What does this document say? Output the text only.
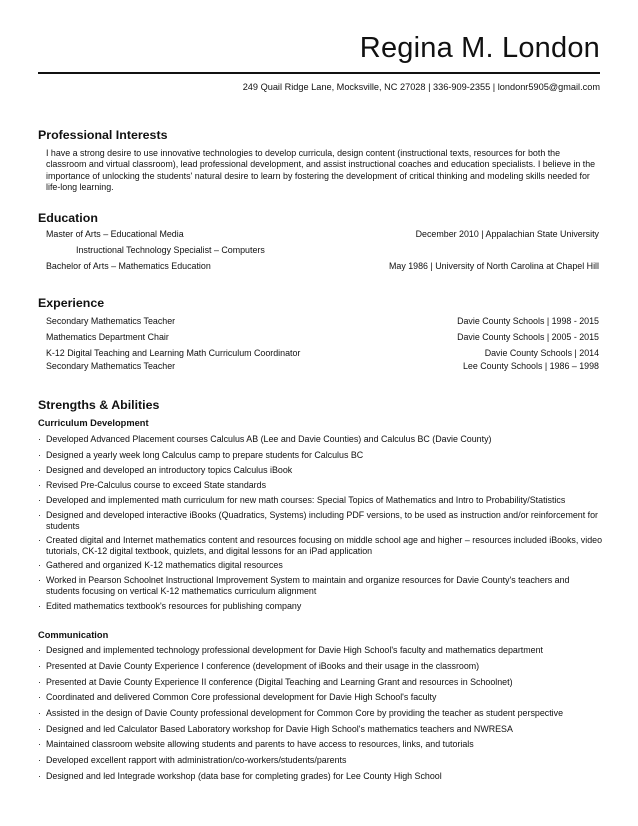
Regina M. London
249 Quail Ridge Lane, Mocksville, NC 27028 | 336-909-2355 | londonr5905@gmail.com
Professional Interests
I have a strong desire to use innovative technologies to develop curricula, design content (instructional texts, resources for both the classroom and virtual classroom), lead professional development, and assist instructional coaches and education specialists. I believe in the importance of unlocking the students' natural desire to learn by fostering the development of critical thinking and modeling skills needed for life-long learning.
Education
Master of Arts – Educational Media	December 2010 | Appalachian State University
Instructional Technology Specialist – Computers
Bachelor of Arts – Mathematics Education	May 1986 | University of North Carolina at Chapel Hill
Experience
Secondary Mathematics Teacher	Davie County Schools | 1998 - 2015
Mathematics Department Chair	Davie County Schools | 2005 - 2015
K-12 Digital Teaching and Learning Math Curriculum Coordinator	Davie County Schools | 2014
Secondary Mathematics Teacher	Lee County Schools | 1986 – 1998
Strengths & Abilities
Curriculum Development
· Developed Advanced Placement courses Calculus AB (Lee and Davie Counties) and Calculus BC (Davie County)
· Designed a yearly week long Calculus camp to prepare students for Calculus BC
· Designed and developed an introductory topics Calculus iBook
· Revised Pre-Calculus course to exceed State standards
· Developed and implemented math curriculum for new math courses: Special Topics of Mathematics and Intro to Probability/Statistics
· Designed and developed interactive iBooks (Quadratics, Systems) including PDF versions, to be used as instruction and/or reinforcement for students
· Created digital and Internet mathematics content and resources focusing on middle school age and higher – resources included iBooks, video tutorials, CK-12 digital textbook, quizlets, and digital lessons for an iPad application
· Gathered and organized K-12 mathematics digital resources
· Worked in Pearson Schoolnet Instructional Improvement System to maintain and organize resources for Davie County's teachers and students focusing on vertical K-12 mathematics curriculum alignment
· Edited mathematics textbook's resources for publishing company
Communication
· Designed and implemented technology professional development for Davie High School's faculty and mathematics department
· Presented at Davie County Experience I conference (development of iBooks and their usage in the classroom)
· Presented at Davie County Experience II conference (Digital Teaching and Learning Grant and resources in Schoolnet)
· Coordinated and delivered Common Core professional development for Davie High School's faculty
· Assisted in the design of Davie County professional development for Common Core by providing the teacher as student perspective
· Designed and led Calculator Based Laboratory workshop for Davie High School's mathematics teachers and NWRESA
· Maintained classroom website allowing students and parents to have access to resources, links, and tutorials
· Developed excellent rapport with administration/co-workers/students/parents
· Designed and led Integrade workshop (data base for completing grades) for Lee County High School
